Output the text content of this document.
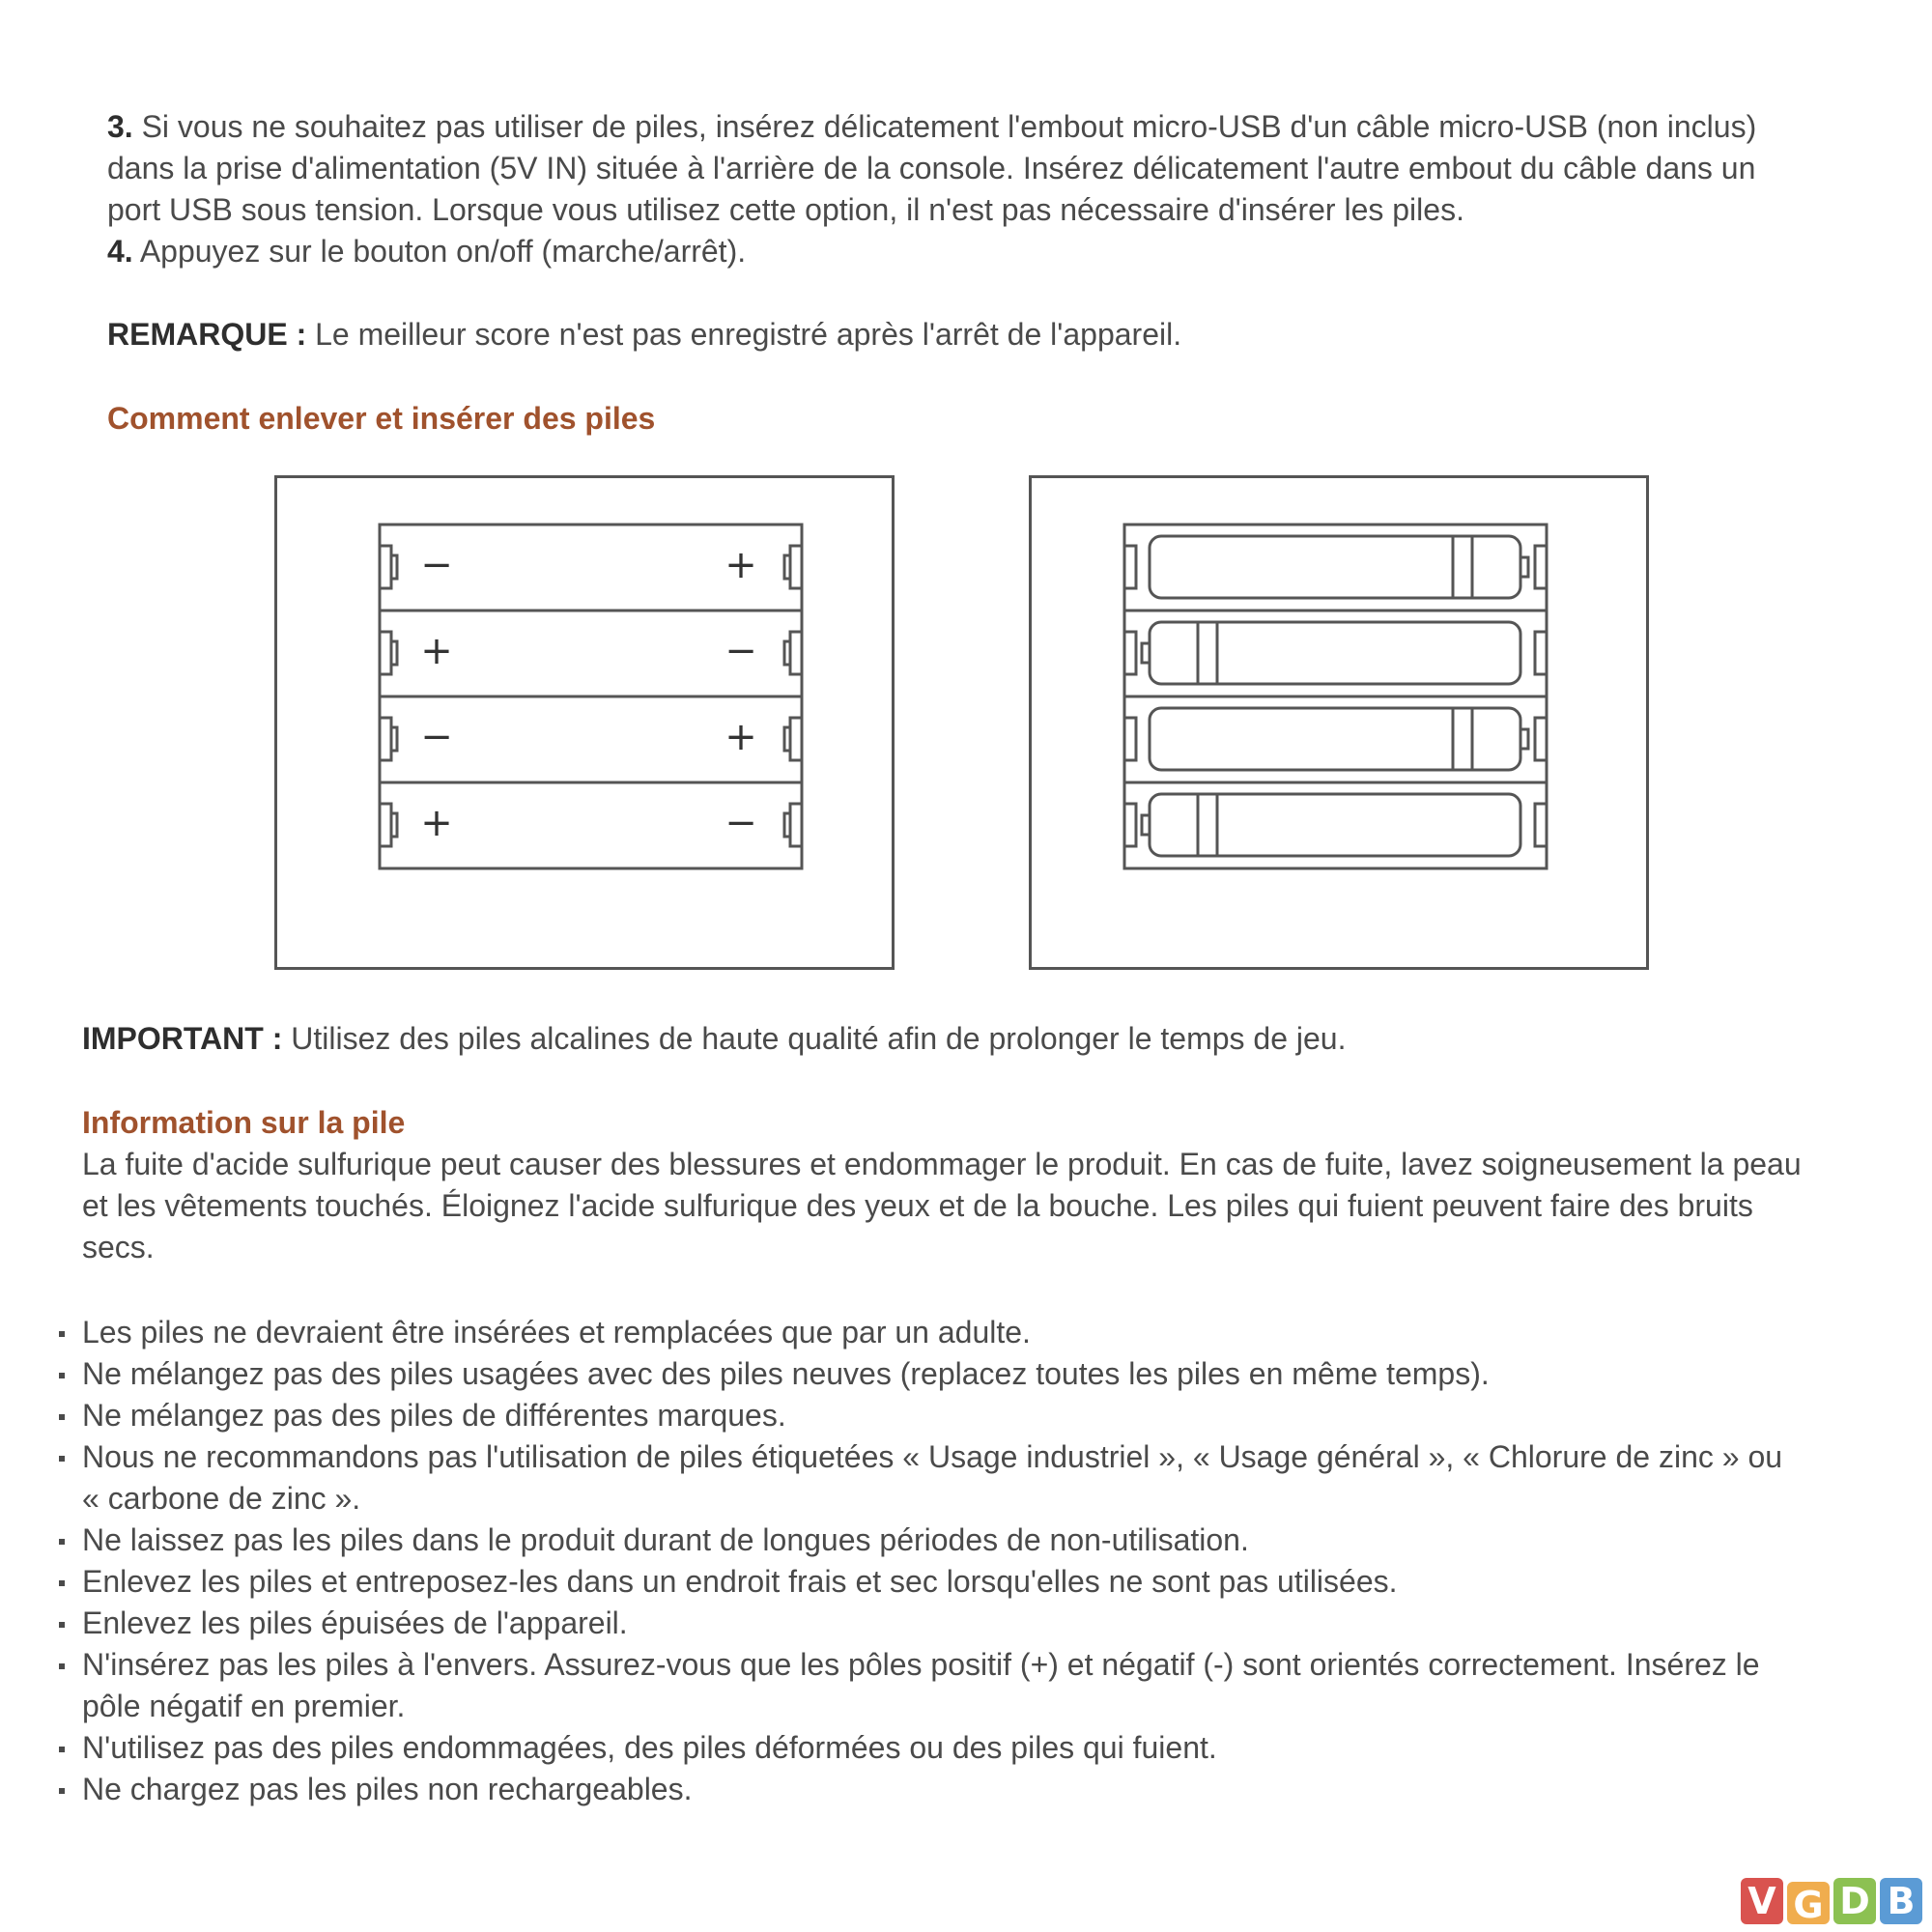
3. Si vous ne souhaitez pas utiliser de piles, insérez délicatement l'embout micro-USB d'un câble micro-USB (non inclus) dans la prise d'alimentation (5V IN) située à l'arrière de la console. Insérez délicatement l'autre embout du câble dans un port USB sous tension. Lorsque vous utilisez cette option, il n'est pas nécessaire d'insérer les piles.

4. Appuyez sur le bouton on/off (marche/arrêt).

REMARQUE : Le meilleur score n'est pas enregistré après l'arrêt de l'appareil.

Comment enlever et insérer des piles

−	+
+	−
−	+
+	−

IMPORTANT : Utilisez des piles alcalines de haute qualité afin de prolonger le temps de jeu.

Information sur la pile

La fuite d'acide sulfurique peut causer des blessures et endommager le produit. En cas de fuite, lavez soigneusement la peau et les vêtements touchés. Éloignez l'acide sulfurique des yeux et de la bouche. Les piles qui fuient peuvent faire des bruits secs.

Les piles ne devraient être insérées et remplacées que par un adulte.
Ne mélangez pas des piles usagées avec des piles neuves (replacez toutes les piles en même temps).
Ne mélangez pas des piles de différentes marques.
Nous ne recommandons pas l'utilisation de piles étiquetées « Usage industriel », « Usage général », « Chlorure de zinc » ou « carbone de zinc ».
Ne laissez pas les piles dans le produit durant de longues périodes de non-utilisation.
Enlevez les piles et entreposez-les dans un endroit frais et sec lorsqu'elles ne sont pas utilisées.
Enlevez les piles épuisées de l'appareil.
N'insérez pas les piles à l'envers. Assurez-vous que les pôles positif (+) et négatif (-) sont orientés correctement. Insérez le pôle négatif en premier.
N'utilisez pas des piles endommagées, des piles déformées ou des piles qui fuient.
Ne chargez pas les piles non rechargeables.
V G D B
